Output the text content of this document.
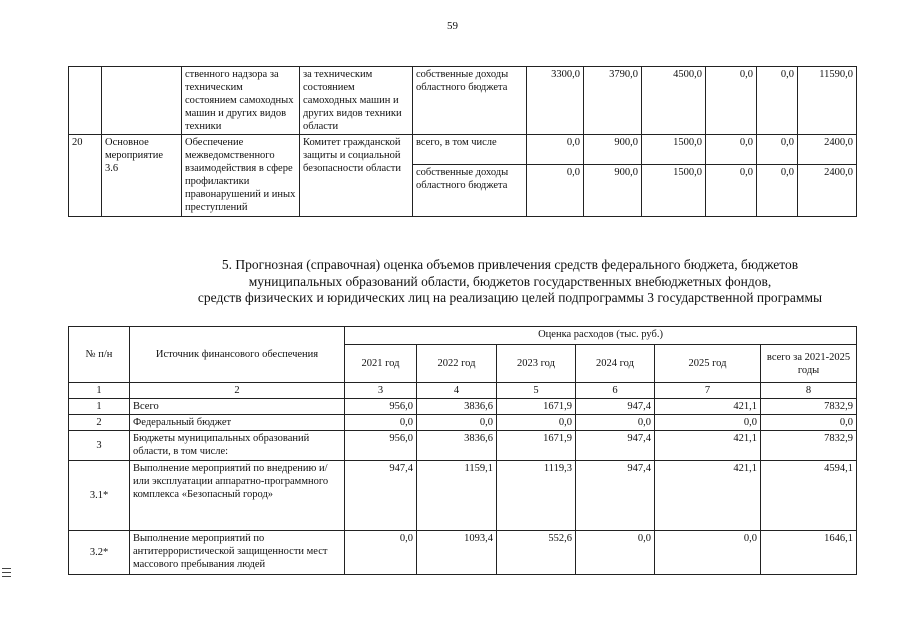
59
		ственного надзора за техническим состоянием самоходных машин и других видов техники	за техническим состоянием самоходных машин и других видов техники области	собственные доходы областного бюджета	3300,0	3790,0	4500,0	0,0	0,0	11590,0
20	Основное мероприятие 3.6	Обеспечение межведомственного взаимодействия в сфере профилактики правонарушений и иных преступлений	Комитет гражданской защиты и социальной безопасности области	всего, в том числе	0,0	900,0	1500,0	0,0	0,0	2400,0
				собственные доходы областного бюджета	0,0	900,0	1500,0	0,0	0,0	2400,0
5. Прогнозная (справочная) оценка объемов привлечения средств федерального бюджета, бюджетов
муниципальных образований области, бюджетов государственных внебюджетных фондов,
средств физических и юридических лиц на реализацию целей подпрограммы 3 государственной программы
№ п/н	Источник финансового обеспечения	Оценка расходов (тыс. руб.)					
		2021 год	2022 год	2023 год	2024 год	2025 год	всего за 2021-2025 годы
1	2	3	4	5	6	7	8
1	Всего	956,0	3836,6	1671,9	947,4	421,1	7832,9
2	Федеральный бюджет	0,0	0,0	0,0	0,0	0,0	0,0
3	Бюджеты муниципальных образований области, в том числе:	956,0	3836,6	1671,9	947,4	421,1	7832,9
3.1*	Выполнение мероприятий по внедрению и/или эксплуатации аппаратно-программного комплекса «Безопасный город»	947,4	1159,1	1119,3	947,4	421,1	4594,1
3.2*	Выполнение мероприятий по антитеррористической защищенности мест массового пребывания людей	0,0	1093,4	552,6	0,0	0,0	1646,1
